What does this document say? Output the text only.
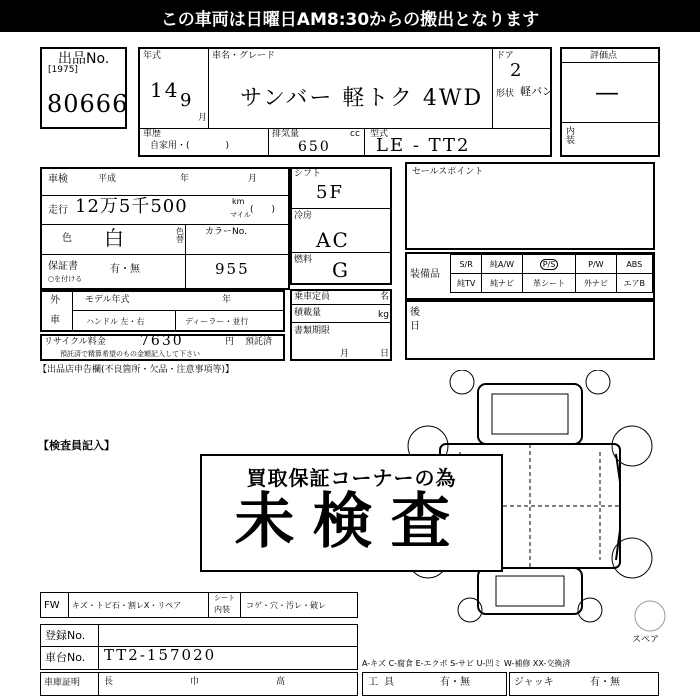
この車両は日曜日AM8:30からの搬出となります
出品No.
[1975]
80666
年式
14 9
月
車名・グレード
サンバー 軽トク 4WD
ドア
2
形状 軽バン
車歴
自家用・(　　　　)
排気量	cc
650
型式
LE - TT2
評価点
—
内装
車検	平成	年	月
走行 12万5千500	km
マイル (　　)
色 白	色替
カラーNo.
955
保証書	有・無
○を付ける
シフト
5F
冷房
AC
燃料 G
セールスポイント
装備品
S/R	純A/W	P/S	P/W	ABS
純TV	純ナビ	革シート	外ナビ	エアB
後
日
外
車
モデル年式	年
ハンドル 左・右	ディーラー・並行
乗車定員	名
積載量	kg
書類期限
月	日
リサイクル料金 7630	円 預託済
預託済で精算希望のもの金額記入して下さい
【出品店申告欄(不良箇所・欠品・注意事項等)】
【検査員記入】
スペア
買取保証コーナーの為
未検査
FW キズ・トビ石・割レX・リペア
シート
内装 コゲ・穴・汚レ・破レ
登録No.
車台No. TT2-157020	A-キズ C-腐食 E-エクボ S-サビ U-凹ミ W-補修 XX-交換済
車庫証明	長	巾	高	工具	有・無	ジャッキ	有・無
